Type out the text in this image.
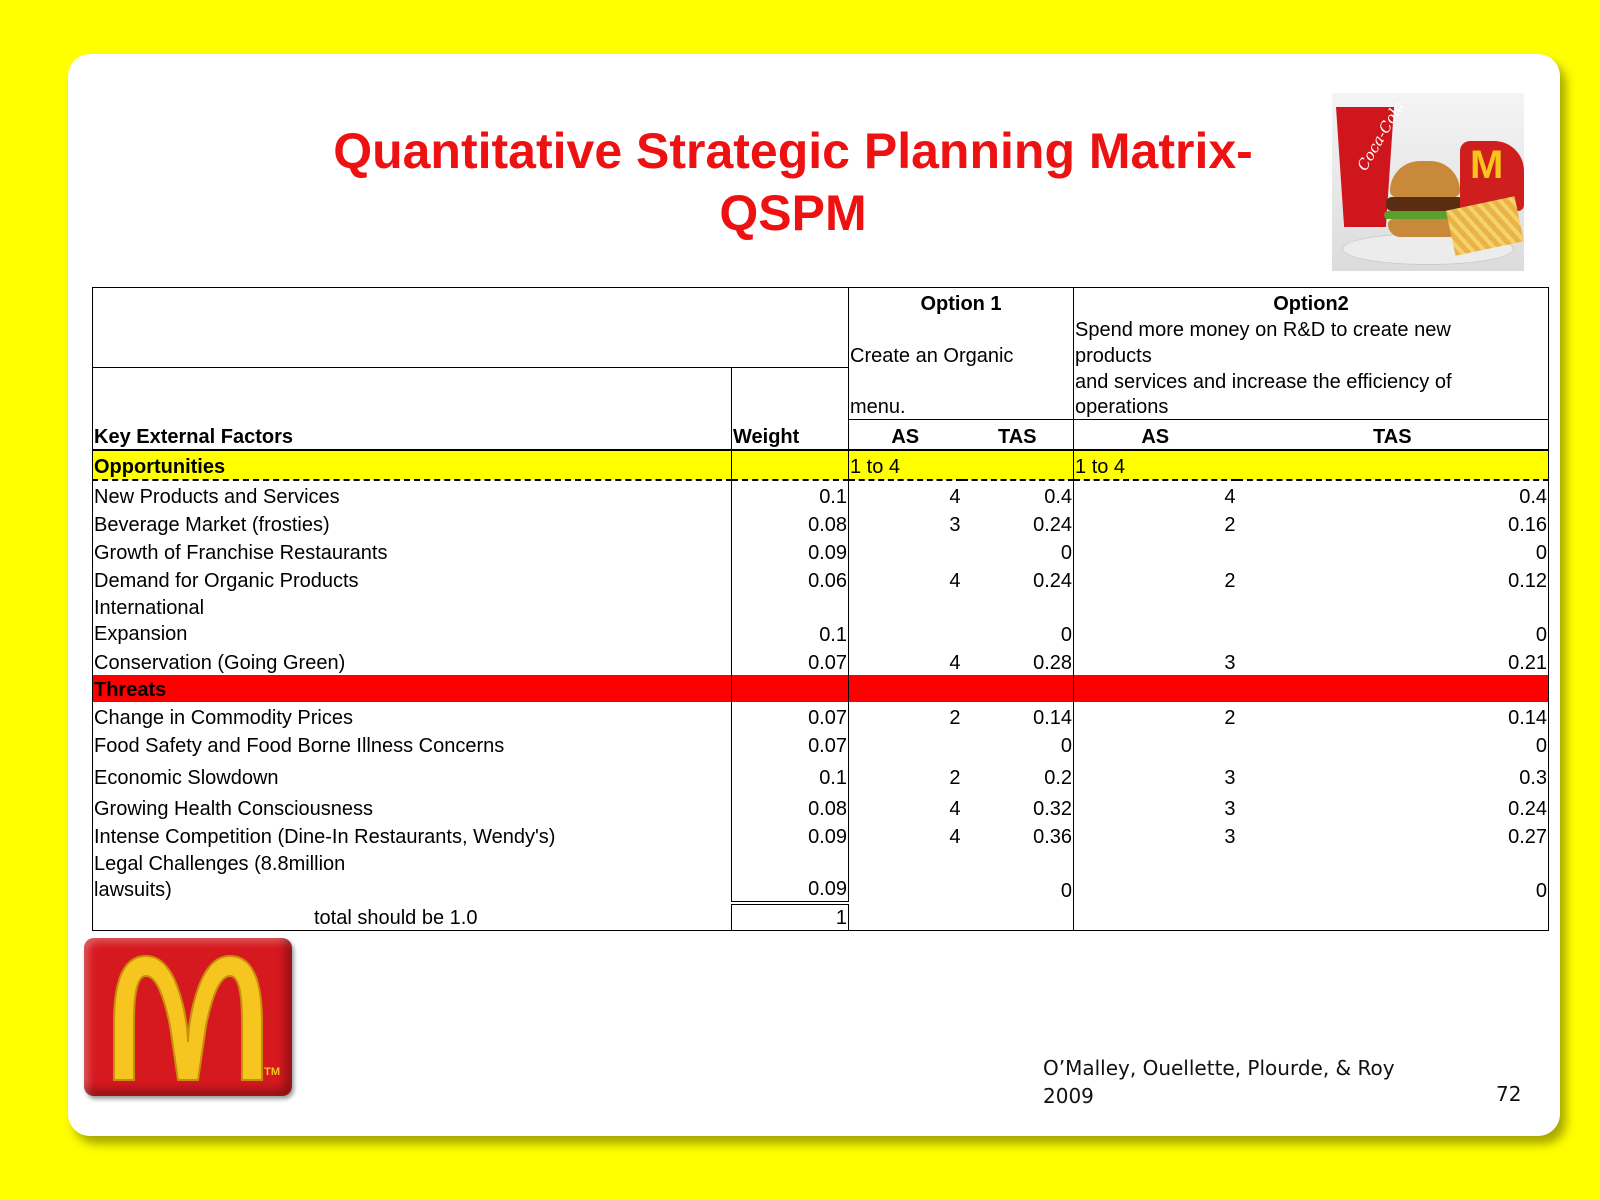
Quantitative Strategic Planning Matrix-
QSPM
Coca-Cola M
		Option 1		Option2	
				Spend more money on R&D to create new	
		Create an Organic		products	
				and services and increase the efficiency of	
		menu.		operations	
Key External Factors	Weight	AS	TAS	AS	TAS
Opportunities		1 to 4		1 to 4	
New Products and Services	0.1	4	0.4	4	0.4
Beverage Market (frosties)	0.08	3	0.24	2	0.16
Growth of Franchise Restaurants	0.09		0		0
Demand for Organic Products	0.06	4	0.24	2	0.12

International
Expansion	0.1		0		0
Conservation (Going Green)	0.07	4	0.28	3	0.21
Threats					
Change in Commodity Prices	0.07	2	0.14	2	0.14
Food Safety and Food Borne Illness Concerns	0.07		0		0
Economic Slowdown	0.1	2	0.2	3	0.3
Growing Health Consciousness	0.08	4	0.32	3	0.24
Intense Competition (Dine-In Restaurants, Wendy's)	0.09	4	0.36	3	0.27

Legal Challenges (8.8million
lawsuits)	0.09		0		0
total should be 1.0	1				
TM	O’Malley, Ouellette, Plourde, & Roy
2009	72
